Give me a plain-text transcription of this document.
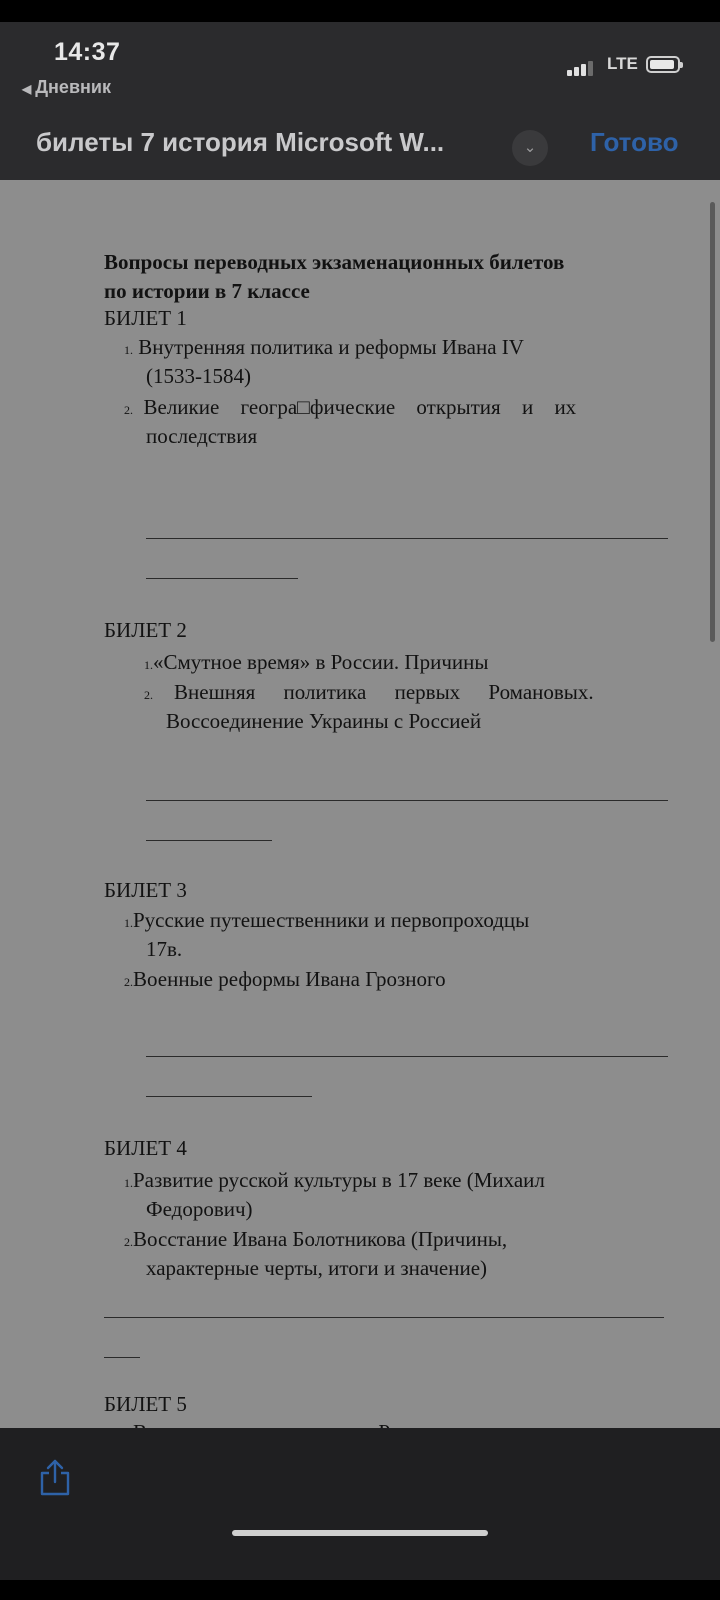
14:37
◀ Дневник
LTE
билеты 7 история Microsoft W...	⌄	Готово
Вопросы переводных экзаменационных билетов
по истории в 7 классе
БИЛЕТ 1
1. Внутренняя политика и реформы Ивана IV
(1533-1584)
2. Великие геогра□фические открытия и их
последствия
БИЛЕТ 2
1.«Смутное время» в России. Причины
2. Внешняя политика первых Романовых.
Воссоединение Украины с Россией
БИЛЕТ 3
1.Русские путешественники и первопроходцы
17в.
2.Военные реформы Ивана Грозного
БИЛЕТ 4
1.Развитие русской культуры в 17 веке (Михаил
Федорович)
2.Восстание Ивана Болотникова (Причины,
характерные черты, итоги и значение)
БИЛЕТ 5
